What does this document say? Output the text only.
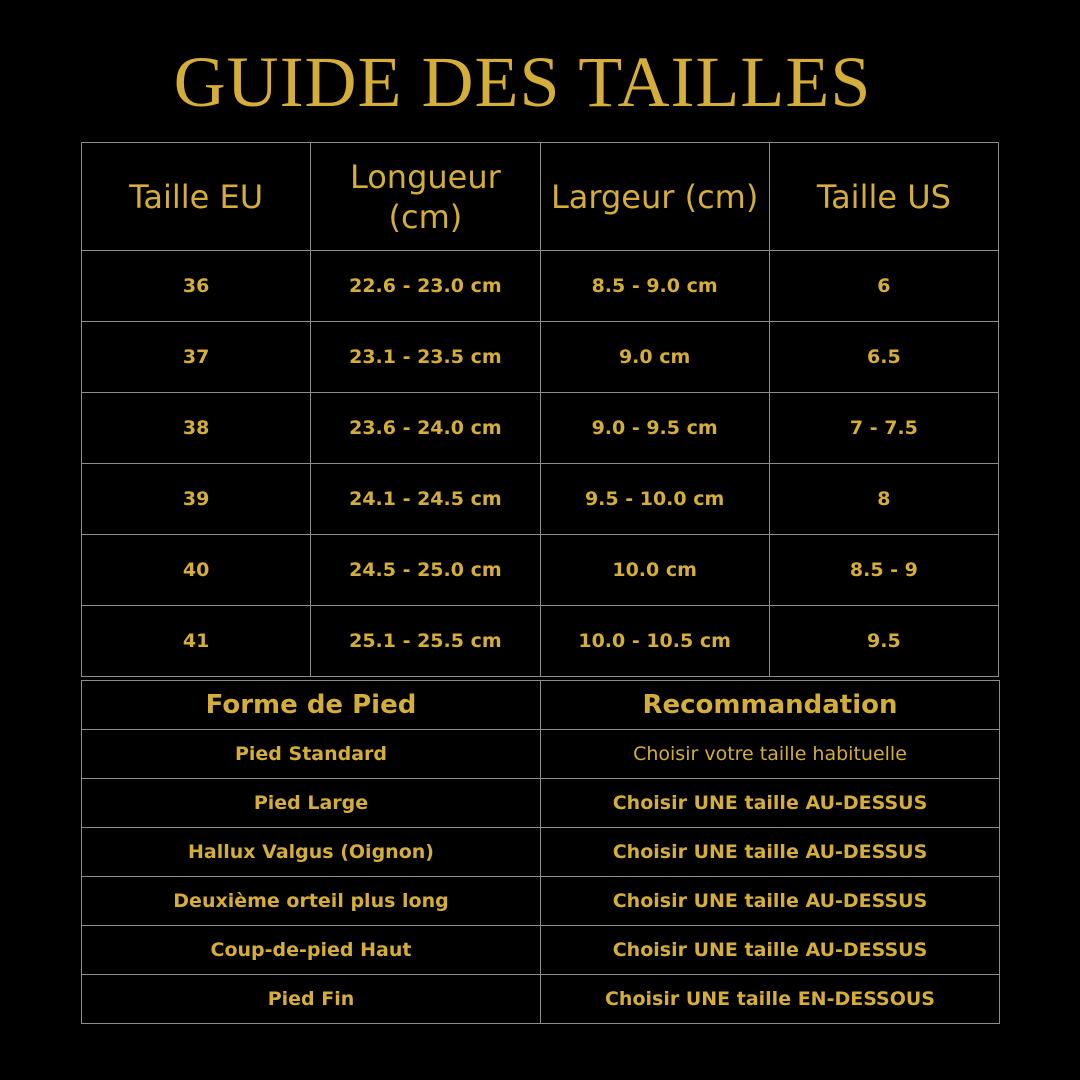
GUIDE DES TAILLES
Taille EU	Longueur (cm)	Largeur (cm)	Taille US
36	22.6 - 23.0 cm	8.5 - 9.0 cm	6
37	23.1 - 23.5 cm	9.0 cm	6.5
38	23.6 - 24.0 cm	9.0 - 9.5 cm	7 - 7.5
39	24.1 - 24.5 cm	9.5 - 10.0 cm	8
40	24.5 - 25.0 cm	10.0 cm	8.5 - 9
41	25.1 - 25.5 cm	10.0 - 10.5 cm	9.5
Forme de Pied	Recommandation
Pied Standard	Choisir votre taille habituelle
Pied Large	Choisir UNE taille AU-DESSUS
Hallux Valgus (Oignon)	Choisir UNE taille AU-DESSUS
Deuxième orteil plus long	Choisir UNE taille AU-DESSUS
Coup-de-pied Haut	Choisir UNE taille AU-DESSUS
Pied Fin	Choisir UNE taille EN-DESSOUS
